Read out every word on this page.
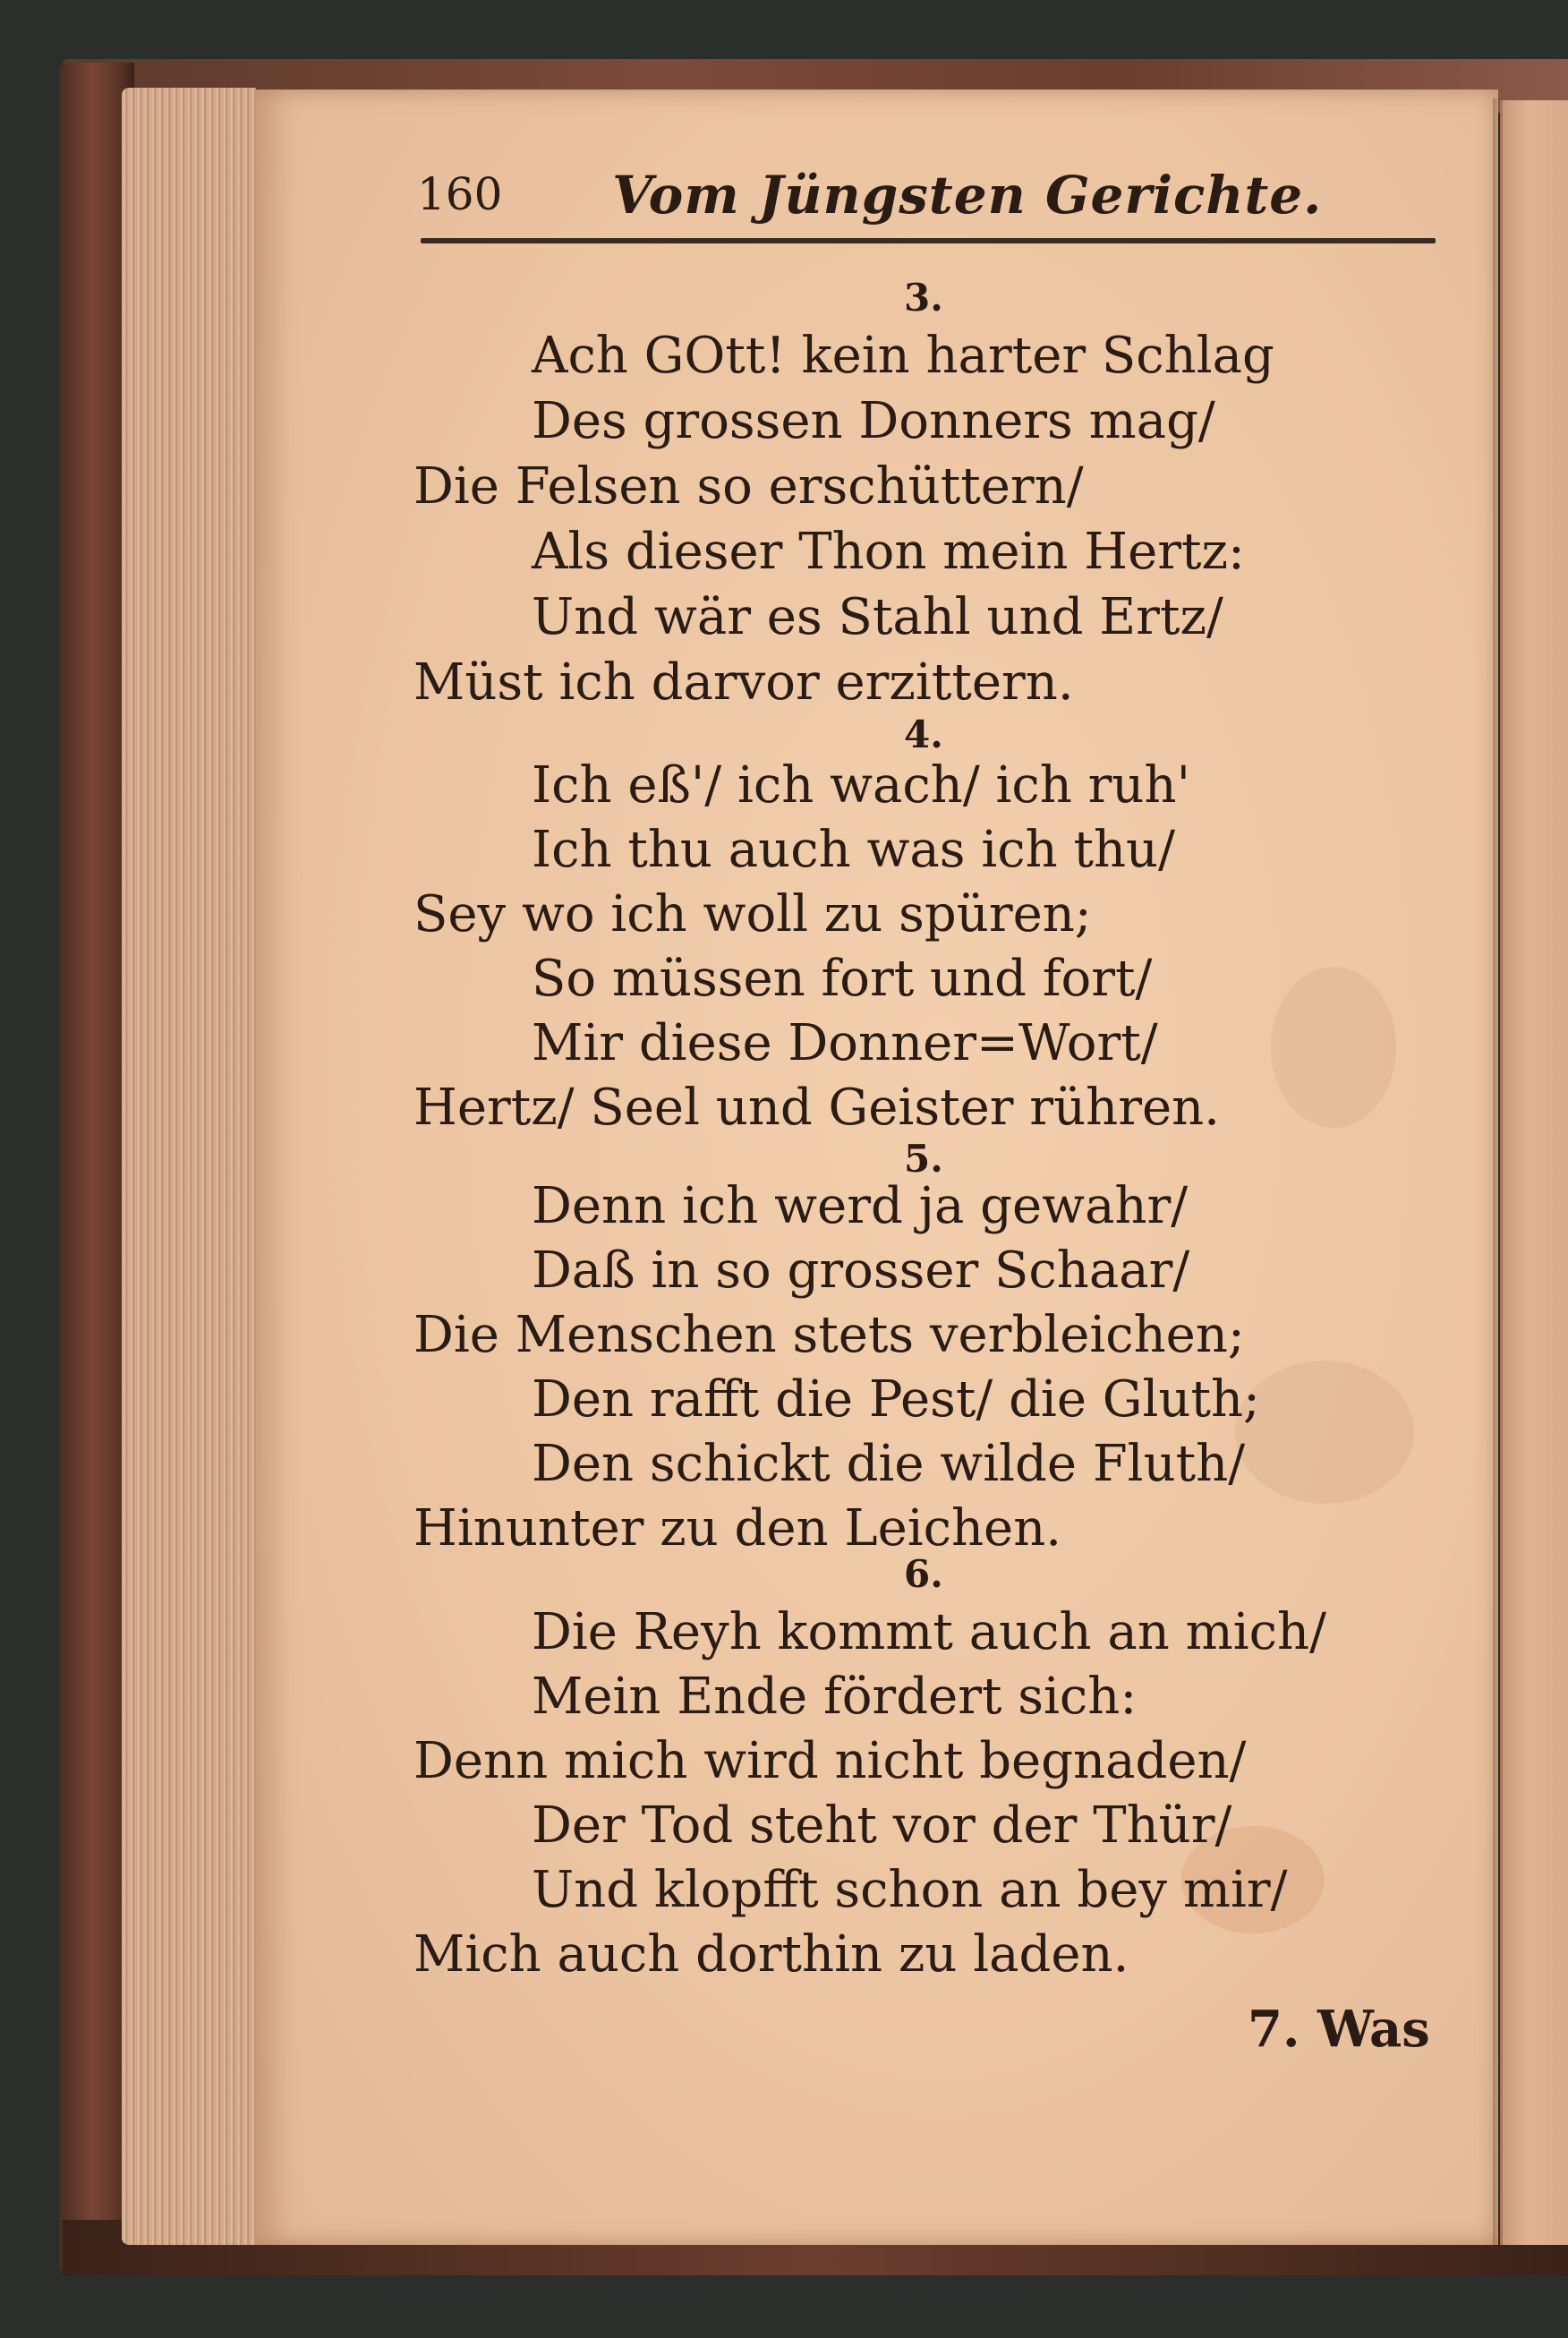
160 Vom Jüngsten Gerichte.
3.
Ach GOtt! kein harter Schlag
Des grossen Donners mag/
Die Felsen so erschüttern/
Als dieser Thon mein Hertz:
Und wär es Stahl und Ertz/
Müst ich darvor erzittern.
4.
Ich eß'/ ich wach/ ich ruh'
Ich thu auch was ich thu/
Sey wo ich woll zu spüren;
So müssen fort und fort/
Mir diese Donner=Wort/
Hertz/ Seel und Geister rühren.
5.
Denn ich werd ja gewahr/
Daß in so grosser Schaar/
Die Menschen stets verbleichen;
Den rafft die Pest/ die Gluth;
Den schickt die wilde Fluth/
Hinunter zu den Leichen.
6.
Die Reyh kommt auch an mich/
Mein Ende fördert sich:
Denn mich wird nicht begnaden/
Der Tod steht vor der Thür/
Und klopfft schon an bey mir/
Mich auch dorthin zu laden.
7. Was
